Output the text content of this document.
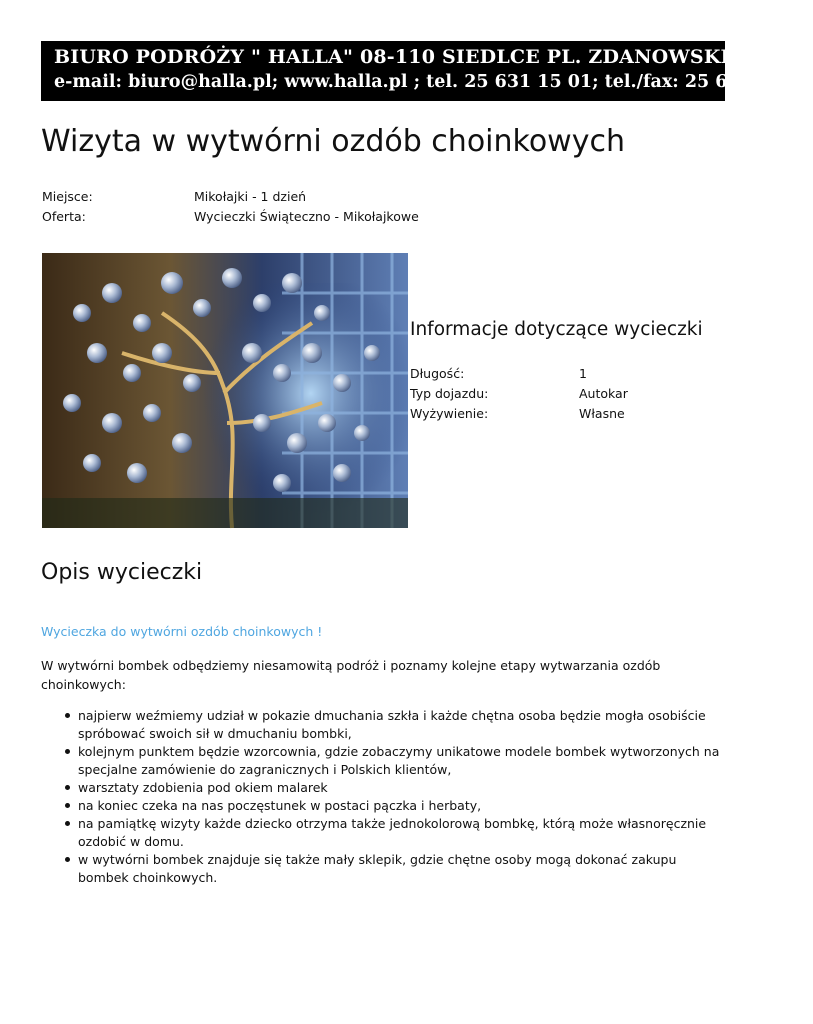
BIURO PODRÓŻY " HALLA" 08-110 SIEDLCE PL. ZDANOWSKIEGO 1
e-mail: biuro@halla.pl; www.halla.pl ; tel. 25 631 15 01; tel./fax: 25 633 02 44
Wizyta w wytwórni ozdób choinkowych
Miejsce:	Mikołajki - 1 dzień
Oferta:	Wycieczki Świąteczno - Mikołajkowe
Informacje dotyczące wycieczki
Długość:	1
Typ dojazdu:	Autokar
Wyżywienie:	Własne
Opis wycieczki
Wycieczka do wytwórni ozdób choinkowych !
W wytwórni bombek odbędziemy niesamowitą podróż i poznamy kolejne etapy wytwarzania ozdób choinkowych:
najpierw weźmiemy udział w pokazie dmuchania szkła i każde chętna osoba będzie mogła osobiście spróbować swoich sił w dmuchaniu bombki,
kolejnym punktem będzie wzorcownia, gdzie zobaczymy unikatowe modele bombek wytworzonych na specjalne zamówienie do zagranicznych i Polskich klientów,
warsztaty zdobienia pod okiem malarek
na koniec czeka na nas poczęstunek w postaci pączka i herbaty,
na pamiątkę wizyty każde dziecko otrzyma także jednokolorową bombkę, którą może własnoręcznie ozdobić w domu.
w wytwórni bombek znajduje się także mały sklepik, gdzie chętne osoby mogą dokonać zakupu bombek choinkowych.
